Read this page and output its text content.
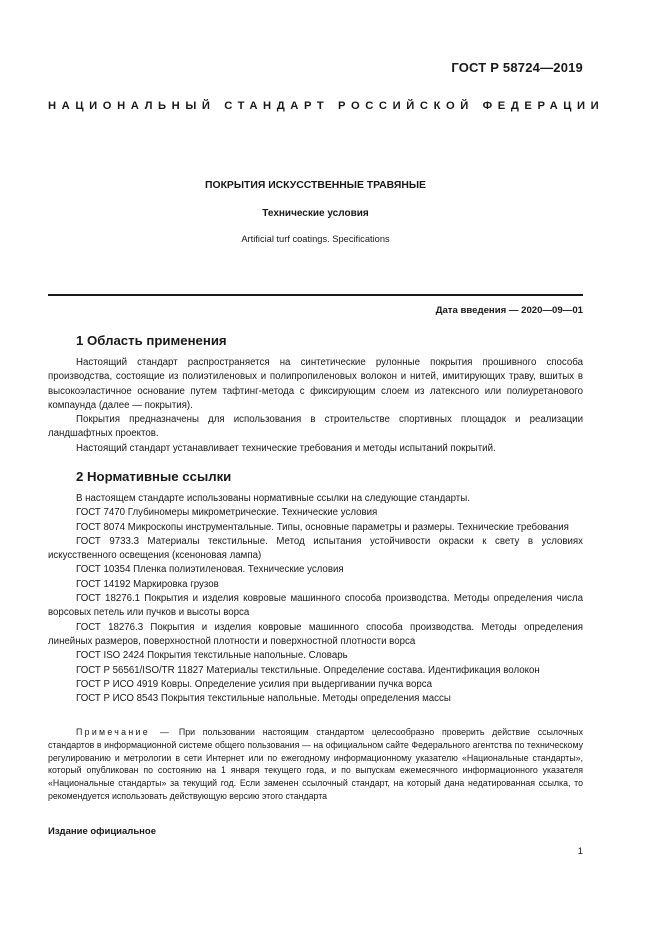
ГОСТ Р 58724—2019
НАЦИОНАЛЬНЫЙ СТАНДАРТ РОССИЙСКОЙ ФЕДЕРАЦИИ
ПОКРЫТИЯ ИСКУССТВЕННЫЕ ТРАВЯНЫЕ
Технические условия
Artificial turf coatings. Specifications
Дата введения — 2020—09—01
1 Область применения

Настоящий стандарт распространяется на синтетические рулонные покрытия прошивного способа производства, состоящие из полиэтиленовых и полипропиленовых волокон и нитей, имитирующих траву, вшитых в высокоэластичное основание путем тафтинг-метода с фиксирующим слоем из латексного или полиуретанового компаунда (далее — покрытия).

Покрытия предназначены для использования в строительстве спортивных площадок и реализации ландшафтных проектов.

Настоящий стандарт устанавливает технические требования и методы испытаний покрытий.

2 Нормативные ссылки

В настоящем стандарте использованы нормативные ссылки на следующие стандарты.

ГОСТ 7470 Глубиномеры микрометрические. Технические условия

ГОСТ 8074 Микроскопы инструментальные. Типы, основные параметры и размеры. Технические требования

ГОСТ 9733.3 Материалы текстильные. Метод испытания устойчивости окраски к свету в условиях искусственного освещения (ксеноновая лампа)

ГОСТ 10354 Пленка полиэтиленовая. Технические условия

ГОСТ 14192 Маркировка грузов

ГОСТ 18276.1 Покрытия и изделия ковровые машинного способа производства. Методы определения числа ворсовых петель или пучков и высоты ворса

ГОСТ 18276.3 Покрытия и изделия ковровые машинного способа производства. Методы определения линейных размеров, поверхностной плотности и поверхностной плотности ворса

ГОСТ ISO 2424 Покрытия текстильные напольные. Словарь

ГОСТ Р 56561/ISO/TR 11827 Материалы текстильные. Определение состава. Идентификация волокон

ГОСТ Р ИСО 4919 Ковры. Определение усилия при выдергивании пучка ворса

ГОСТ Р ИСО 8543 Покрытия текстильные напольные. Методы определения массы

Примечание — При пользовании настоящим стандартом целесообразно проверить действие ссылочных стандартов в информационной системе общего пользования — на официальном сайте Федерального агентства по техническому регулированию и метрологии в сети Интернет или по ежегодному информационному указателю «Национальные стандарты», который опубликован по состоянию на 1 января текущего года, и по выпускам ежемесячного информационного указателя «Национальные стандарты» за текущий год. Если заменен ссылочный стандарт, на который дана недатированная ссылка, то рекомендуется использовать действующую версию этого стандарта

Издание официальное
1
